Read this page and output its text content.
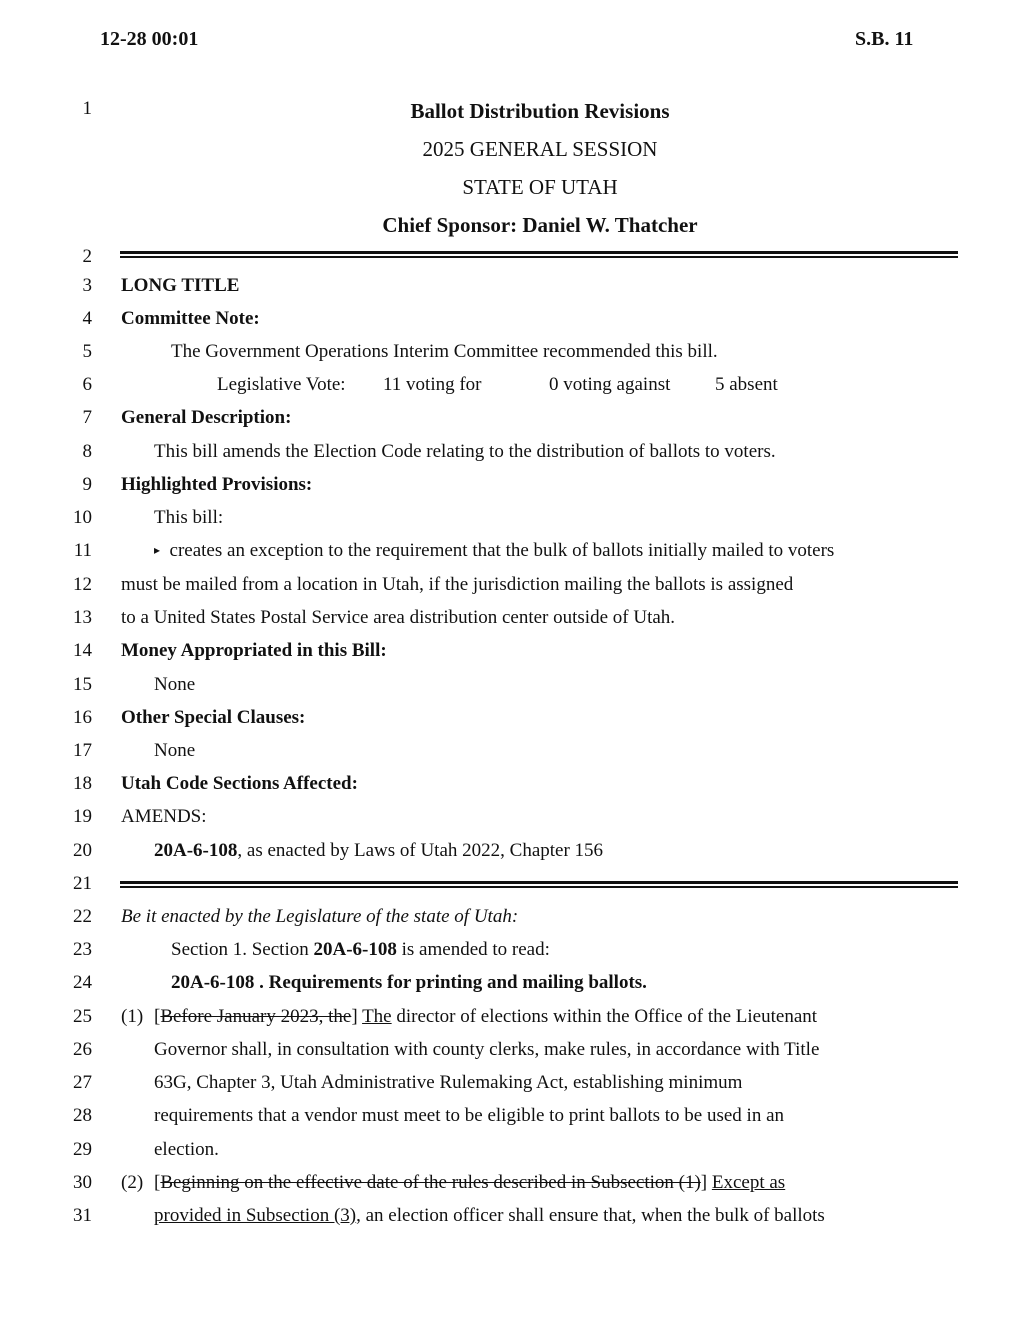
12-28 00:01	S.B. 11
1
2
3
4
5
6
7
8
9
10
11
12
13
14
15
16
17
18
19
20
21
22
23
24
25
26
27
28
29
30
31
Ballot Distribution Revisions
2025 GENERAL SESSION
STATE OF UTAH
Chief Sponsor: Daniel W. Thatcher
LONG TITLE
Committee Note:
The Government Operations Interim Committee recommended this bill.
Legislative Vote: 11 voting for	0 voting against 5 absent
General Description:
This bill amends the Election Code relating to the distribution of ballots to voters.
Highlighted Provisions:
This bill:
▸ creates an exception to the requirement that the bulk of ballots initially mailed to voters
must be mailed from a location in Utah, if the jurisdiction mailing the ballots is assigned
to a United States Postal Service area distribution center outside of Utah.
Money Appropriated in this Bill:
None
Other Special Clauses:
None
Utah Code Sections Affected:
AMENDS:
20A-6-108, as enacted by Laws of Utah 2022, Chapter 156
Be it enacted by the Legislature of the state of Utah:
Section 1. Section 20A-6-108 is amended to read:
20A-6-108 . Requirements for printing and mailing ballots.
(1) [Before January 2023, the] The director of elections within the Office of the Lieutenant
Governor shall, in consultation with county clerks, make rules, in accordance with Title
63G, Chapter 3, Utah Administrative Rulemaking Act, establishing minimum
requirements that a vendor must meet to be eligible to print ballots to be used in an
election.
(2) [Beginning on the effective date of the rules described in Subsection (1)] Except as
provided in Subsection (3), an election officer shall ensure that, when the bulk of ballots
